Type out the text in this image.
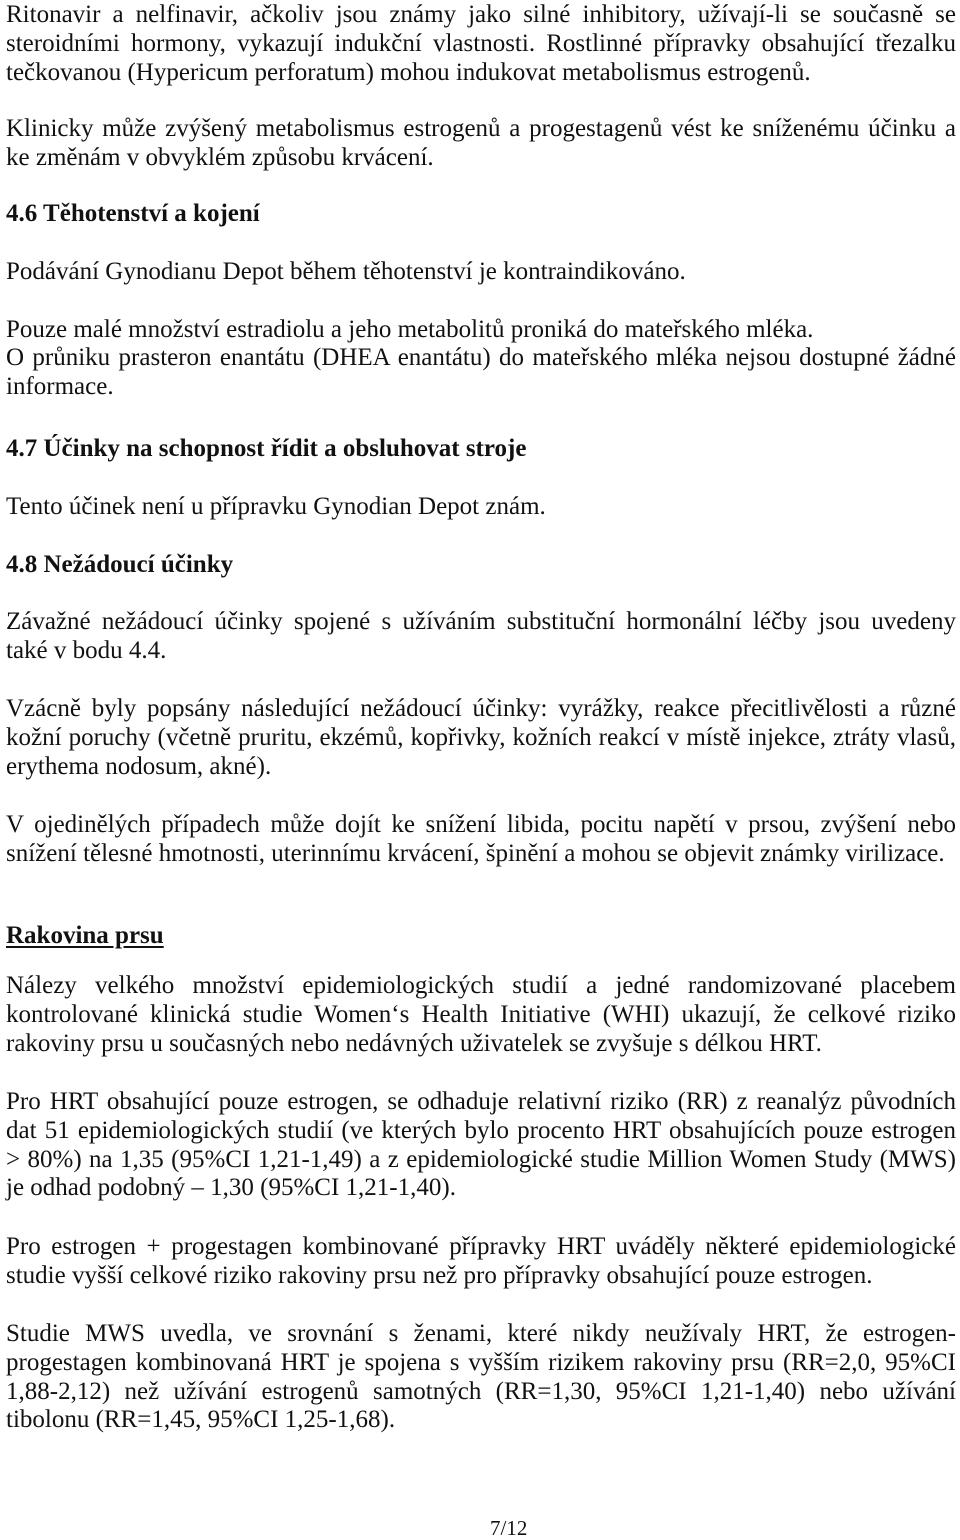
Ritonavir a nelfinavir, ačkoliv jsou známy jako silné inhibitory, užívají-li se současně se
steroidními hormony, vykazují indukční vlastnosti. Rostlinné přípravky obsahující třezalku
tečkovanou (Hypericum perforatum) mohou indukovat metabolismus estrogenů.
Klinicky může zvýšený metabolismus estrogenů a progestagenů vést ke sníženému účinku a
ke změnám v obvyklém způsobu krvácení.
4.6 Těhotenství a kojení
Podávání Gynodianu Depot během těhotenství je kontraindikováno.
Pouze malé množství estradiolu a jeho metabolitů proniká do mateřského mléka.
O průniku prasteron enantátu (DHEA enantátu) do mateřského mléka nejsou dostupné žádné
informace.
4.7 Účinky na schopnost řídit a obsluhovat stroje
Tento účinek není u přípravku Gynodian Depot znám.
4.8 Nežádoucí účinky
Závažné nežádoucí účinky spojené s užíváním substituční hormonální léčby jsou uvedeny
také v bodu 4.4.
Vzácně byly popsány následující nežádoucí účinky: vyrážky, reakce přecitlivělosti a různé
kožní poruchy (včetně pruritu, ekzémů, kopřivky, kožních reakcí v místě injekce, ztráty vlasů,
erythema nodosum, akné).
V ojedinělých případech může dojít ke snížení libida, pocitu napětí v prsou, zvýšení nebo
snížení tělesné hmotnosti, uterinnímu krvácení, špinění a mohou se objevit známky virilizace.
Rakovina prsu
Nálezy velkého množství epidemiologických studií a jedné randomizované placebem
kontrolované klinická studie Women‘s Health Initiative (WHI) ukazují, že celkové riziko
rakoviny prsu u současných nebo nedávných uživatelek se zvyšuje s délkou HRT.
Pro HRT obsahující pouze estrogen, se odhaduje relativní riziko (RR) z reanalýz původních
dat 51 epidemiologických studií (ve kterých bylo procento HRT obsahujících pouze estrogen
> 80%) na 1,35 (95%CI 1,21-1,49) a z epidemiologické studie Million Women Study (MWS)
je odhad podobný – 1,30 (95%CI 1,21-1,40).
Pro estrogen + progestagen kombinované přípravky HRT uváděly některé epidemiologické
studie vyšší celkové riziko rakoviny prsu než pro přípravky obsahující pouze estrogen.
Studie MWS uvedla, ve srovnání s ženami, které nikdy neužívaly HRT, že estrogen-
progestagen kombinovaná HRT je spojena s vyšším rizikem rakoviny prsu (RR=2,0, 95%CI
1,88-2,12) než užívání estrogenů samotných (RR=1,30, 95%CI 1,21-1,40) nebo užívání
tibolonu (RR=1,45, 95%CI 1,25-1,68).
7/12
